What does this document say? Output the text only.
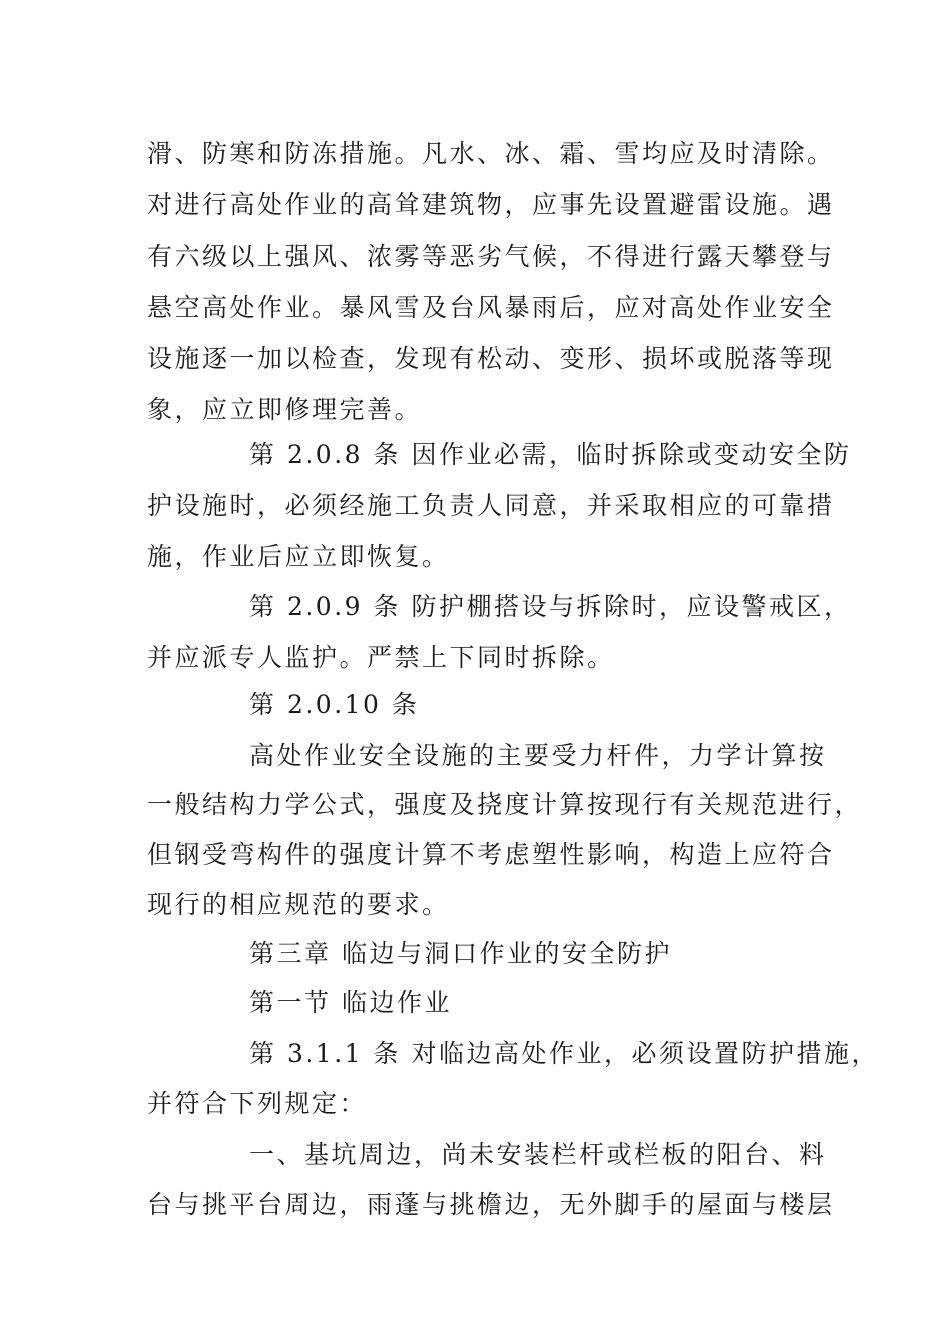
滑、防寒和防冻措施。凡水、冰、霜、雪均应及时清除。
对进行高处作业的高耸建筑物，应事先设置避雷设施。遇
有六级以上强风、浓雾等恶劣气候，不得进行露天攀登与
悬空高处作业。暴风雪及台风暴雨后，应对高处作业安全
设施逐一加以检查，发现有松动、变形、损坏或脱落等现
象，应立即修理完善。
第 2.0.8 条 因作业必需，临时拆除或变动安全防
护设施时，必须经施工负责人同意，并采取相应的可靠措
施，作业后应立即恢复。
第 2.0.9 条 防护棚搭设与拆除时，应设警戒区，
并应派专人监护。严禁上下同时拆除。
第 2.0.10 条
高处作业安全设施的主要受力杆件，力学计算按
一般结构力学公式，强度及挠度计算按现行有关规范进行，
但钢受弯构件的强度计算不考虑塑性影响，构造上应符合
现行的相应规范的要求。
第三章 临边与洞口作业的安全防护
第一节 临边作业
第 3.1.1 条 对临边高处作业，必须设置防护措施，
并符合下列规定：
一、基坑周边，尚未安装栏杆或栏板的阳台、料
台与挑平台周边，雨蓬与挑檐边，无外脚手的屋面与楼层
